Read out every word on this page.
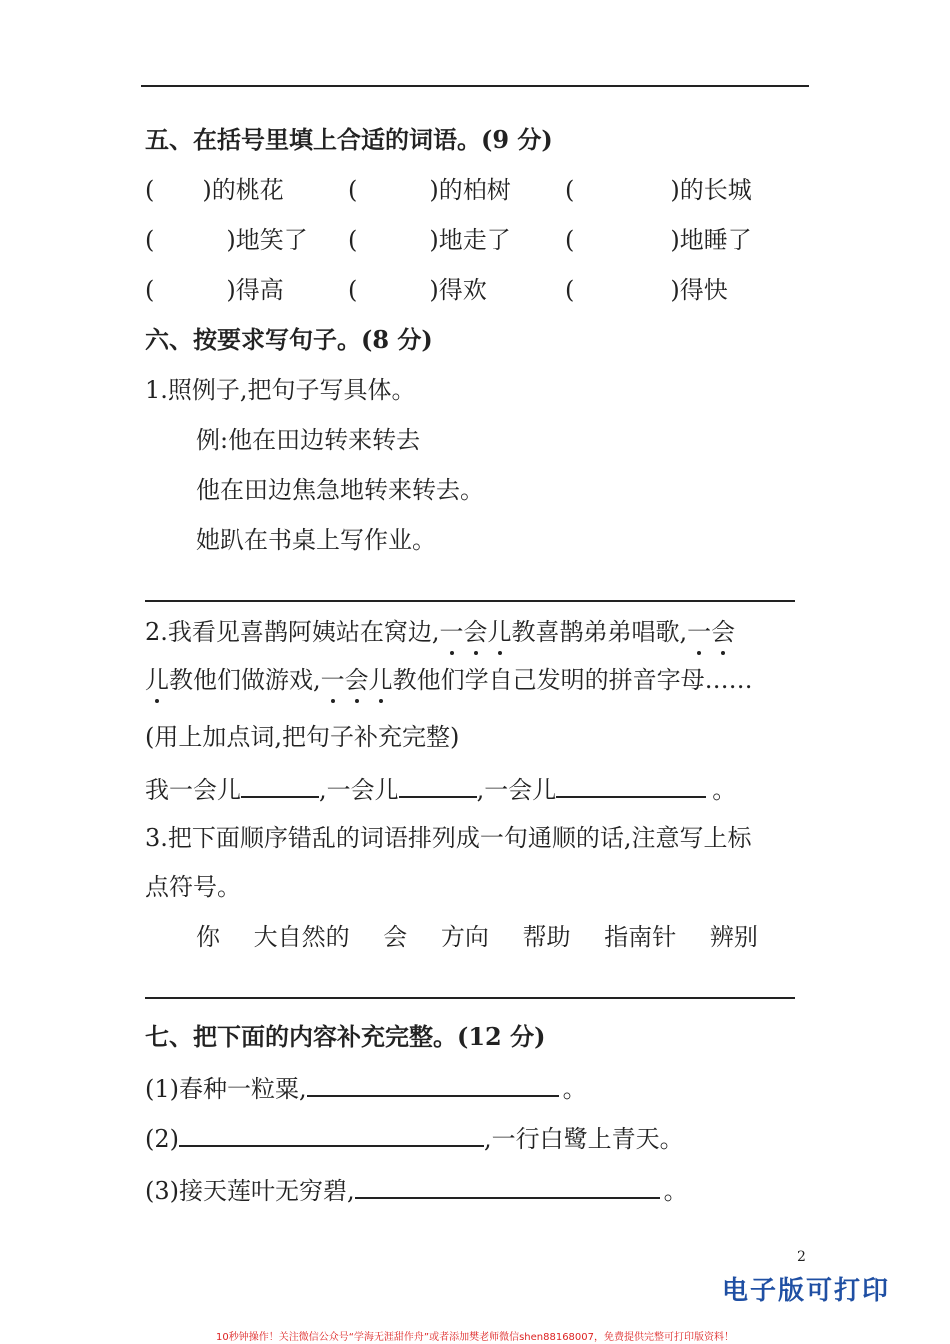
五、在括号里填上合适的词语。(9 分)
(　　)的桃花	(　　　)的柏树 (　　　　)的长城
(　　　)地笑了 (　　　)地走了 (　　　　)地睡了
(　　　)得高	(　　　)得欢	(　　　　)得快
六、按要求写句子。(8 分)
1.照例子,把句子写具体。
例:他在田边转来转去
他在田边焦急地转来转去。
她趴在书桌上写作业。
2.我看见喜鹊阿姨站在窝边,一会儿教喜鹊弟弟唱歌,一会
儿教他们做游戏,一会儿教他们学自己发明的拼音字母……
(用上加点词,把句子补充完整)
我一会儿	,一会儿	,一会儿	。
3.把下面顺序错乱的词语排列成一句通顺的话,注意写上标
点符号。
你 大自然的 会 方向 帮助 指南针 辨别
七、把下面的内容补充完整。(12 分)
(1)春种一粒粟,	。
(2)	,一行白鹭上青天。
(3)接天莲叶无穷碧,	。
2
电子版可打印
10秒钟操作！关注微信公众号“学海无涯甜作舟”或者添加樊老师微信shen88168007，免费提供完整可打印版资料！
